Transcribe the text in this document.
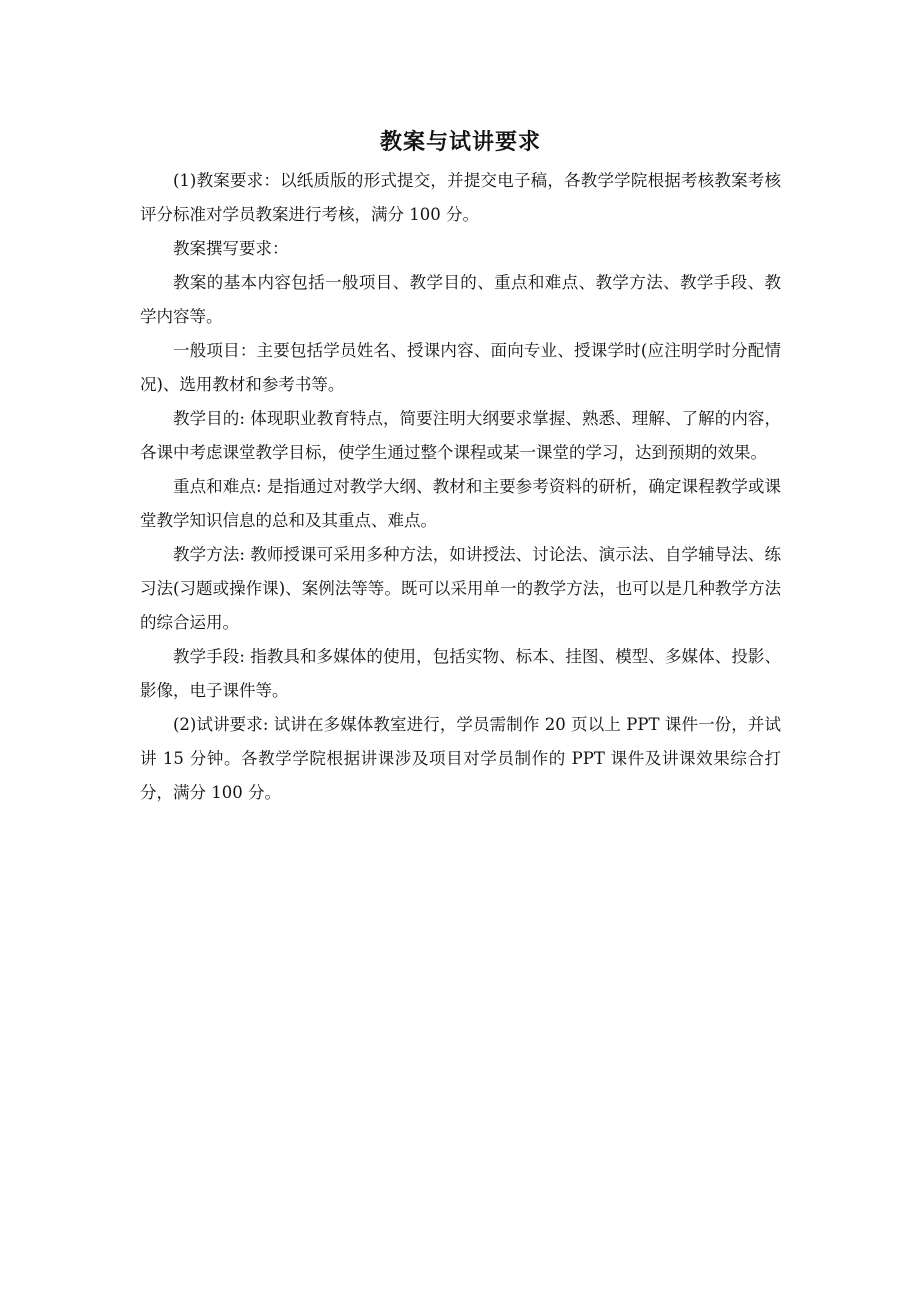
教案与试讲要求

(1)教案要求：以纸质版的形式提交，并提交电子稿，各教学学院根据考核教案考核评分标准对学员教案进行考核，满分 100 分。

教案撰写要求：

教案的基本内容包括一般项目、教学目的、重点和难点、教学方法、教学手段、教学内容等。

一般项目：主要包括学员姓名、授课内容、面向专业、授课学时(应注明学时分配情况)、选用教材和参考书等。

教学目的: 体现职业教育特点，简要注明大纲要求掌握、熟悉、理解、了解的内容，各课中考虑课堂教学目标，使学生通过整个课程或某一课堂的学习，达到预期的效果。

重点和难点: 是指通过对教学大纲、教材和主要参考资料的研析，确定课程教学或课堂教学知识信息的总和及其重点、难点。

教学方法: 教师授课可采用多种方法，如讲授法、讨论法、演示法、自学辅导法、练习法(习题或操作课)、案例法等等。既可以采用单一的教学方法，也可以是几种教学方法的综合运用。

教学手段: 指教具和多媒体的使用，包括实物、标本、挂图、模型、多媒体、投影、影像，电子课件等。

(2)试讲要求: 试讲在多媒体教室进行，学员需制作 20 页以上 PPT 课件一份，并试讲 15 分钟。各教学学院根据讲课涉及项目对学员制作的 PPT 课件及讲课效果综合打分，满分 100 分。
